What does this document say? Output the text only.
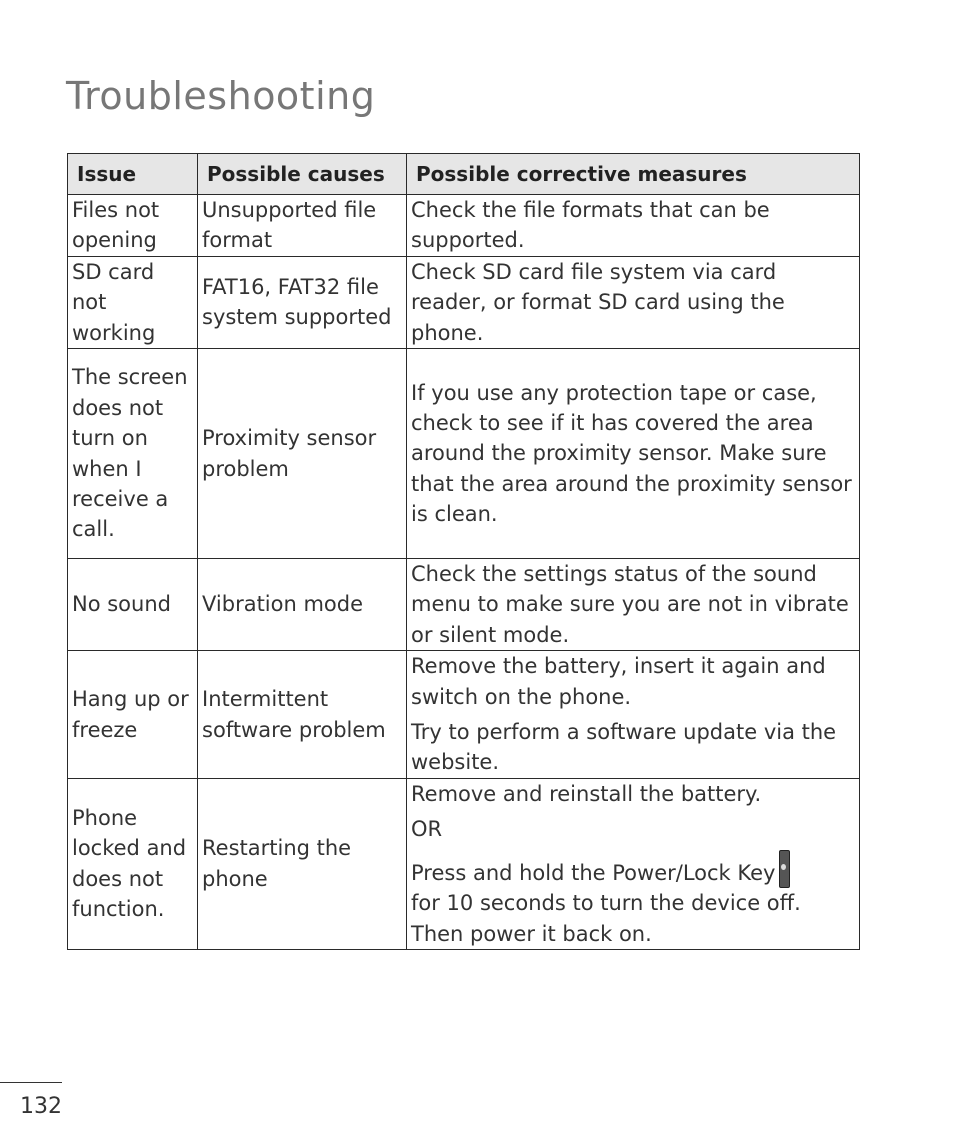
Troubleshooting
Issue	Possible causes	Possible corrective measures
Files not opening	Unsupported file format	Check the file formats that can be supported.

SD card not working	FAT16, FAT32 file system supported	Check SD card file system via card reader, or format SD card using the phone.

The screen does not turn on when I receive a call.	Proximity sensor problem	If you use any protection tape or case, check to see if it has covered the area around the proximity sensor. Make sure that the area around the proximity sensor is clean.

No sound	Vibration mode	Check the settings status of the sound menu to make sure you are not in vibrate or silent mode.

Hang up or freeze	Intermittent software problem	Remove the battery, insert it again and switch on the phone.

Try to perform a software update via the website.

Phone locked and does not function.	Restarting the phone	Remove and reinstall the battery.

OR

Press and hold the Power/Lock Key

for 10 seconds to turn the device off. Then power it back on.

132
